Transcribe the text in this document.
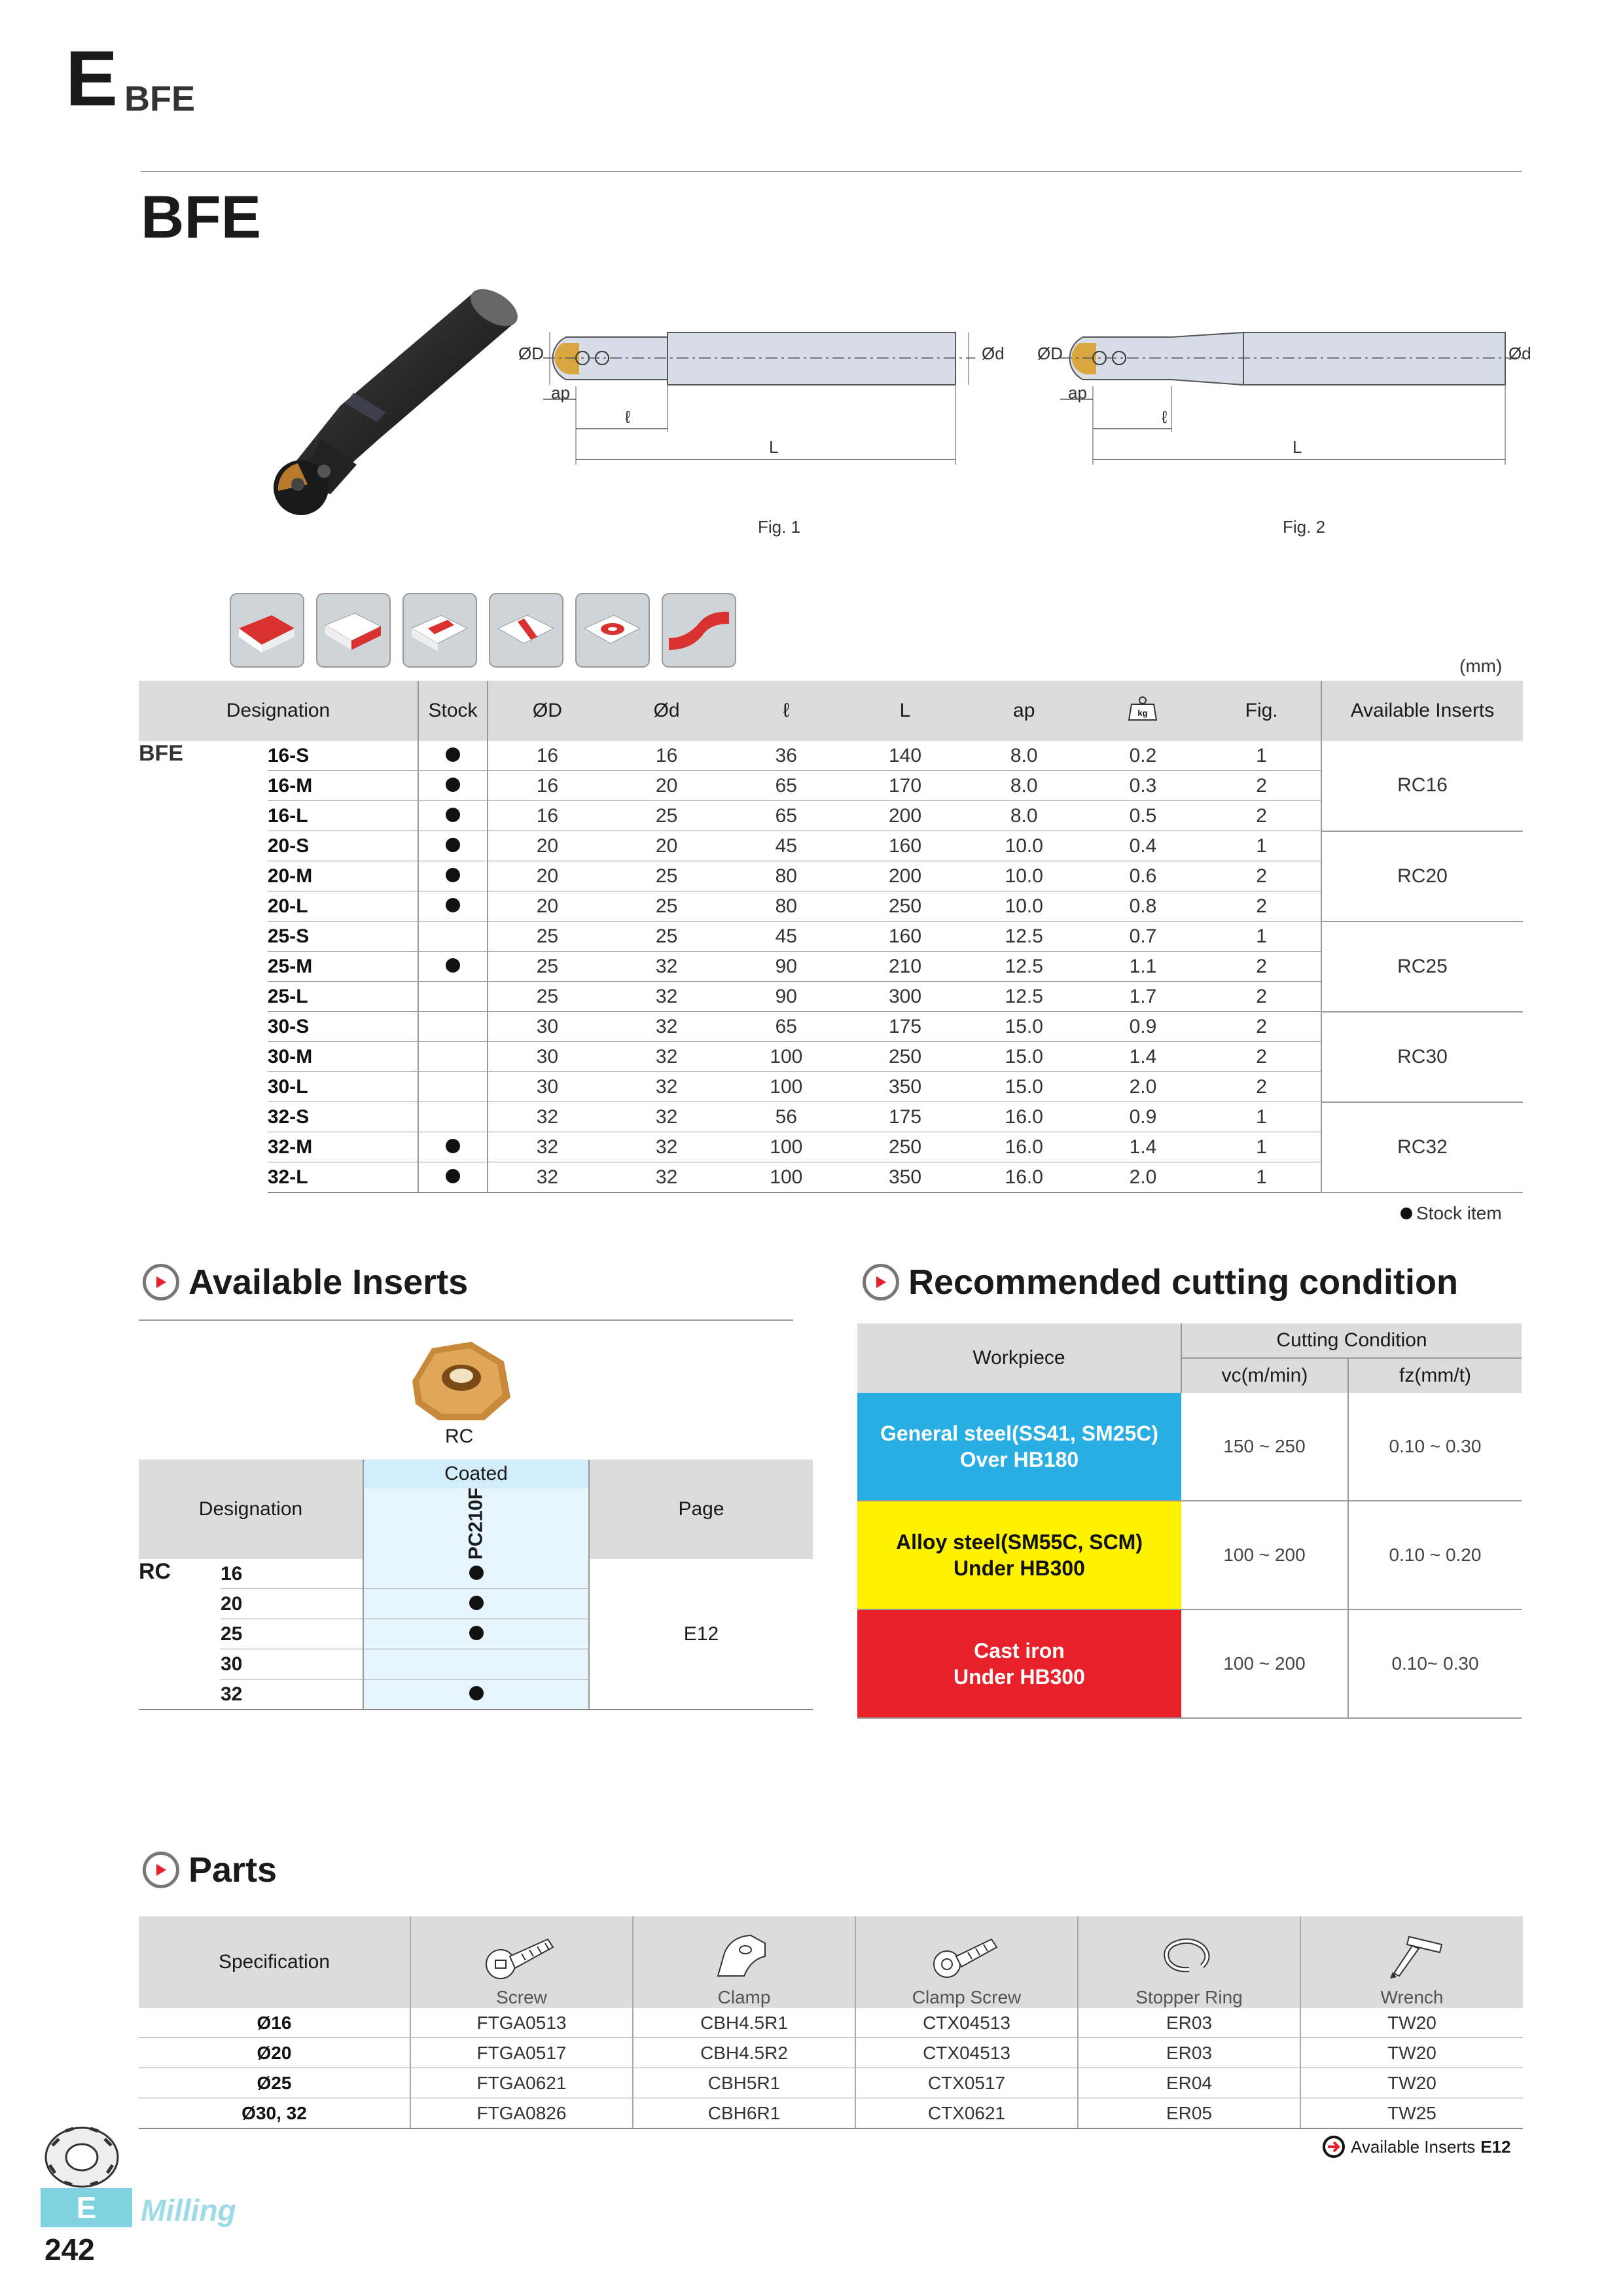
E BFE
BFE
ØD	Ød
ap
ℓ
L
Fig. 1
ØD	Ød
ap
ℓ
L
Fig. 2
(mm)
Designation		Stock	ØD	Ød	ℓ	L	ap	kg	Fig.	Available Inserts
BFE	16-S		16	16	36	140	8.0	0.2	1	RC16
	16-M		16	20	65	170	8.0	0.3	2	
	16-L		16	25	65	200	8.0	0.5	2	
	20-S		20	20	45	160	10.0	0.4	1	RC20
	20-M		20	25	80	200	10.0	0.6	2	
	20-L		20	25	80	250	10.0	0.8	2	
	25-S		25	25	45	160	12.5	0.7	1	RC25
	25-M		25	32	90	210	12.5	1.1	2	
	25-L		25	32	90	300	12.5	1.7	2	
	30-S		30	32	65	175	15.0	0.9	2	RC30
	30-M		30	32	100	250	15.0	1.4	2	
	30-L		30	32	100	350	15.0	2.0	2	
	32-S		32	32	56	175	16.0	0.9	1	RC32
	32-M		32	32	100	250	16.0	1.4	1	
	32-L		32	32	100	350	16.0	2.0	1	
Stock item
Available Inserts
RC
Designation		Coated	Page

		PC210F	

RC	16		E12
	20		
	25		
	30		
	32		
Recommended cutting condition
Workpiece	Cutting Condition	
	vc(m/min)	fz(mm/t)
General steel(SS41, SM25C)
Over HB180	150 ~ 250	0.10 ~ 0.30
Alloy steel(SM55C, SCM)
Under HB300	100 ~ 200	0.10 ~ 0.20
Cast iron
Under HB300	100 ~ 200	0.10~ 0.30
Parts
Specification	Screw	Clamp	Clamp Screw	Stopper Ring	Wrench
Ø16	FTGA0513	CBH4.5R1	CTX04513	ER03	TW20
Ø20	FTGA0517	CBH4.5R2	CTX04513	ER03	TW20
Ø25	FTGA0621	CBH5R1	CTX0517	ER04	TW20
Ø30, 32	FTGA0826	CBH6R1	CTX0621	ER05	TW25
Available Inserts E12
E	Milling
242
